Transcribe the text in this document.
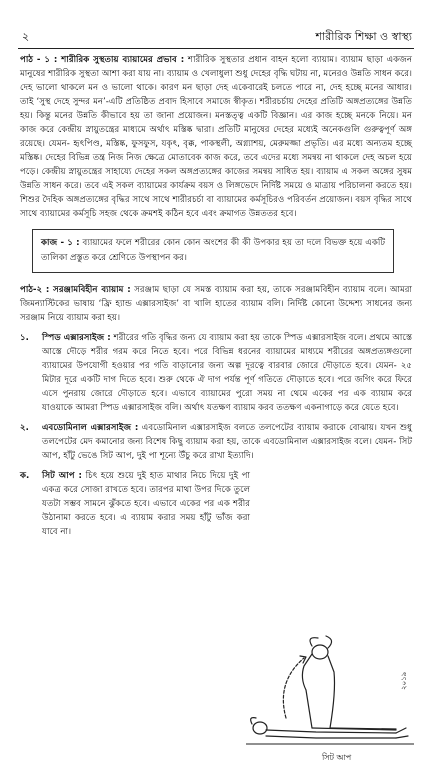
২	শারীরিক শিক্ষা ও স্বাস্থ্য

পাঠ - ১ : শারীরিক সুস্থতায় ব্যায়ামের প্রভাব : শারীরিক সুস্থতার প্রধান বাহন হলো ব্যায়াম। ব্যায়াম ছাড়া একজন মানুষের শারীরিক সুস্থতা আশা করা যায় না। ব্যায়াম ও খেলাধুলা শুধু দেহের বৃদ্ধি ঘটায় না, মনেরও উন্নতি সাধন করে। দেহ ভালো থাকলে মন ও ভালো থাকে। কারণ মন ছাড়া দেহ একেবারেই চলতে পারে না, দেহ হচ্ছে মনের আধার। তাই ‘সুস্থ দেহে সুন্দর মন’-এটি প্রতিষ্ঠিত প্রবাদ হিসাবে সমাজে স্বীকৃত। শরীরচর্চায় দেহের প্রতিটি অঙ্গপ্রত্যঙ্গের উন্নতি হয়। কিন্তু মনের উন্নতি কীভাবে হয় তা জানা প্রয়োজন। মনস্তত্ত্ব একটি বিজ্ঞান। এর কাজ হচ্ছে মনকে নিয়ে। মন কাজ করে কেন্দ্রীয় স্নায়ুতন্ত্রের মাধ্যমে অর্থাৎ মস্তিষ্ক দ্বারা। প্রতিটি মানুষের দেহের মধ্যেই অনেকগুলি গুরুত্বপূর্ণ অঙ্গ রয়েছে। যেমন- হৃৎপিণ্ড, মস্তিষ্ক, ফুসফুস, যকৃৎ, বৃক্ক, পাকস্থলী, অগ্ন্যাশয়, মেরুমজ্জা প্রভৃতি। এর মধ্যে অন্যতম হচ্ছে মস্তিষ্ক। দেহের বিভিন্ন তন্ত্র নিজ নিজ ক্ষেত্রে মোতাবেক কাজ করে, তবে এদের মধ্যে সমন্বয় না থাকলে দেহ অচল হয়ে পড়ে। কেন্দ্রীয় স্নায়ুতন্ত্রের সাহায্যে দেহের সকল অঙ্গপ্রত্যঙ্গের কাজের সমন্বয় সাধিত হয়। ব্যায়াম এ সকল অঙ্গের সুষম উন্নতি সাধন করে। তবে এই সকল ব্যায়ামের কার্যক্রম বয়স ও লিঙ্গভেদে নির্দিষ্ট সময়ে ও মাত্রায় পরিচালনা করতে হয়। শিশুর দৈহিক অঙ্গপ্রত্যঙ্গের বৃদ্ধির সাথে সাথে শারীরচর্চা বা ব্যায়ামের কর্মসূচিরও পরিবর্তন প্রয়োজন। বয়স বৃদ্ধির সাথে সাথে ব্যায়ামের কর্মসূচি সহজ থেকে ক্রমশই কঠিন হবে এবং ক্রমাগত উন্নততর হবে।

কাজ - ১ : ব্যায়ামের ফলে শরীরের কোন কোন অংশের কী কী উপকার হয় তা দলে বিভক্ত হয়ে একটি তালিকা প্রস্তুত করে শ্রেণিতে উপস্থাপন কর।

পাঠ-২ : সরঞ্জামবিহীন ব্যায়াম : সরঞ্জাম ছাড়া যে সমস্ত ব্যায়াম করা হয়, তাকে সরঞ্জামবিহীন ব্যায়াম বলে। আমরা জিমন্যাস্টিকের ভাষায় ‘ফ্রি হ্যান্ড এক্সারসাইজ’ বা খালি হাতের ব্যায়াম বলি। নির্দিষ্ট কোনো উদ্দেশ্য সাধনের জন্য সরঞ্জাম নিয়ে ব্যায়াম করা হয়।

১. স্পিড এক্সারসাইজ : শরীরের গতি বৃদ্ধির জন্য যে ব্যায়াম করা হয় তাকে স্পিড এক্সারসাইজ বলে। প্রথমে আস্তে আস্তে দৌড়ে শরীর গরম করে নিতে হবে। পরে বিভিন্ন ধরনের ব্যায়ামের মাধ্যমে শরীরের অঙ্গপ্রত্যঙ্গগুলো ব্যায়ামের উপযোগী হওয়ার পর গতি বাড়ানোর জন্য অল্প দূরত্বে বারবার জোরে দৌড়াতে হবে। যেমন- ২৫ মিটার দূরে একটি দাগ দিতে হবে। শুরু থেকে ঐ দাগ পর্যন্ত পূর্ণ গতিতে দৌড়াতে হবে। পরে জগিং করে ফিরে এসে পুনরায় জোরে দৌড়াতে হবে। এভাবে ব্যায়ামের পুরো সময় না থেমে একের পর এক ব্যায়াম করে যাওয়াকে আমরা স্পিড এক্সারসাইজ বলি। অর্থাৎ যতক্ষণ ব্যায়াম করব ততক্ষণ একনাগাড়ে করে যেতে হবে।
২. এবডোমিনাল এক্সারসাইজ : এবডোমিনাল এক্সারসাইজ বলতে তলপেটের ব্যায়াম করাকে বোঝায়। যখন শুধু তলপেটের মেদ কমানোর জন্য বিশেষ কিছু ব্যায়াম করা হয়, তাকে এবডোমিনাল এক্সারসাইজ বলে। যেমন- সিট আপ, হাঁটু ভেঙে সিট আপ, দুই পা শূন্যে উঁচু করে রাখা ইত্যাদি।
ক. সিট আপ : চিৎ হয়ে শুয়ে দুই হাত মাথার নিচে দিয়ে দুই পা একত্র করে সোজা রাখতে হবে। তারপর মাথা উপর দিকে তুলে যতটা সম্ভব সামনে ঝুঁকতে হবে। এভাবে একের পর এক শরীর উঠানামা করতে হবে। এ ব্যায়াম করার সময় হাঁটু ভাঁজ করা যাবে না।
সিট আপ
২০১৯
